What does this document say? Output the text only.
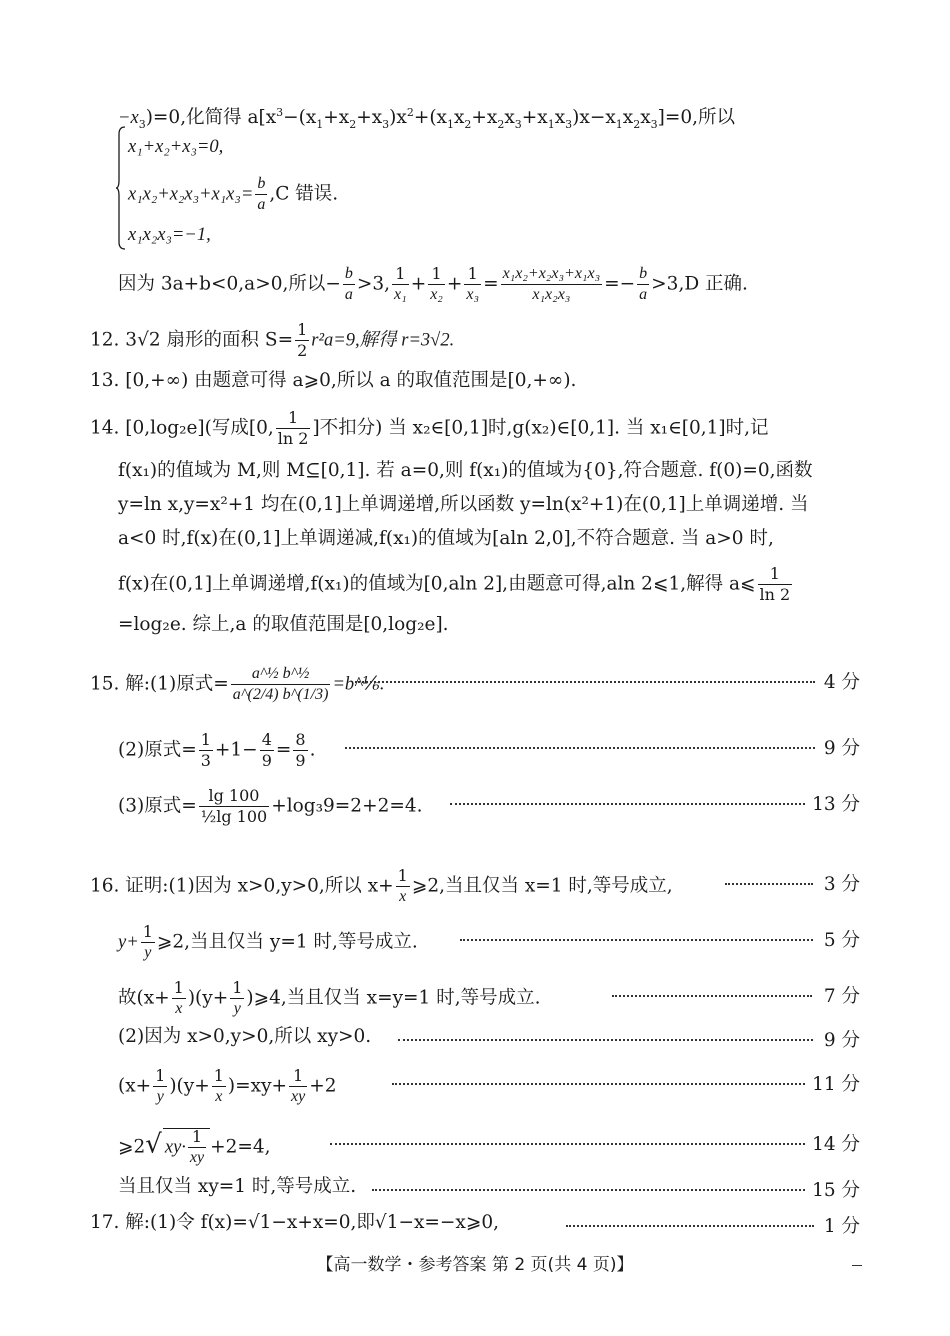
$-x_3)=0$,化简得 $a[x^3-(x_1+x_2+x_3)x^2+(x_1x_2+x_2x_3+x_1x_3)x-x_1x_2x_3]=0$,所以
x₁+x₂+x₃=0,
$x_1x_2+x_2x_3+x_1x_3= \frac{b}{a} ,C$ 错误.
x₁x₂x₃=−1,
因为 3a+b<0,a>0,所以− $\frac{b}{a} >3$, $\frac{1}{\text{x₁}} + \frac{1}{\text{x₂}} + \frac{1}{\text{x₃}} = \frac{\text{x₁x₂+x₂x₃+x₁x₃}}{\text{x₁x₂x₃}} =- \frac{b}{a} >3,D$ 正确.
12. 3√2 扇形的面积 $S= \frac{1}{2} r^2a=9$,解得 r=3√2.
13. [0,+∞) 由题意可得 a⩾0,所以 a 的取值范围是[0,+∞).
14. [0,log₂e](写成[0, $\frac{1}{\ln 2}$ ]不扣分) 当 x₂∈[0,1]时,g(x₂)∈[0,1]. 当 x₁∈[0,1]时,记
f(x₁)的值域为 M,则 M⊆[0,1]. 若 a=0,则 f(x₁)的值域为{0},符合题意. f(0)=0,函数
y=ln x,y=x²+1 均在(0,1]上单调递增,所以函数 y=ln(x²+1)在(0,1]上单调递增. 当
a<0 时,f(x)在(0,1]上单调递减,f(x₁)的值域为[aln 2,0],不符合题意. 当 a>0 时,
f(x)在(0,1]上单调递增,f(x₁)的值域为[0,aln 2],由题意可得,aln 2⩽1,解得 a⩽ $\frac{1}{\ln 2}$
=log₂e. 综上,a 的取值范围是[0,log₂e].
15. 解:(1)原式= $\frac{\text{a\textasciicircum{}½ b\textasciicircum{}½}}{a\^{}(2/4) b\^{}(1/3)}$ =b^⅙.	4 分
(2)原式= $\frac{1}{3} +1- \frac{4}{9} = \frac{8}{9}$ .	9 分
(3)原式= $\frac{\lg 100}{\text{½lg 100}} +\log_39=2+2=4$.	13 分
16. 证明:(1)因为 x>0,y>0,所以 $x+ \frac{1}{x}$ ⩾2,当且仅当 x=1 时,等号成立,	3 分
$y+ \frac{1}{y}$ ⩾2,当且仅当 y=1 时,等号成立.	5 分
故$(x+ \frac{1}{x} )(y+ \frac{1}{y}$ )⩾4,当且仅当 x=y=1 时,等号成立.	7 分
(2)因为 x>0,y>0,所以 xy>0.	9 分
$(x+ \frac{1}{y} )(y+ \frac{1}{x} )=xy+ \frac{1}{xy} +2$	11 分
⩾2√ $xy\cdot \frac{1}{xy} +2=4$,	14 分
当且仅当 xy=1 时,等号成立.	15 分
17. 解:(1)令 f(x)=√1−x+x=0,即√1−x=−x⩾0,	1 分
【高一数学・参考答案 第 2 页(共 4 页)】
